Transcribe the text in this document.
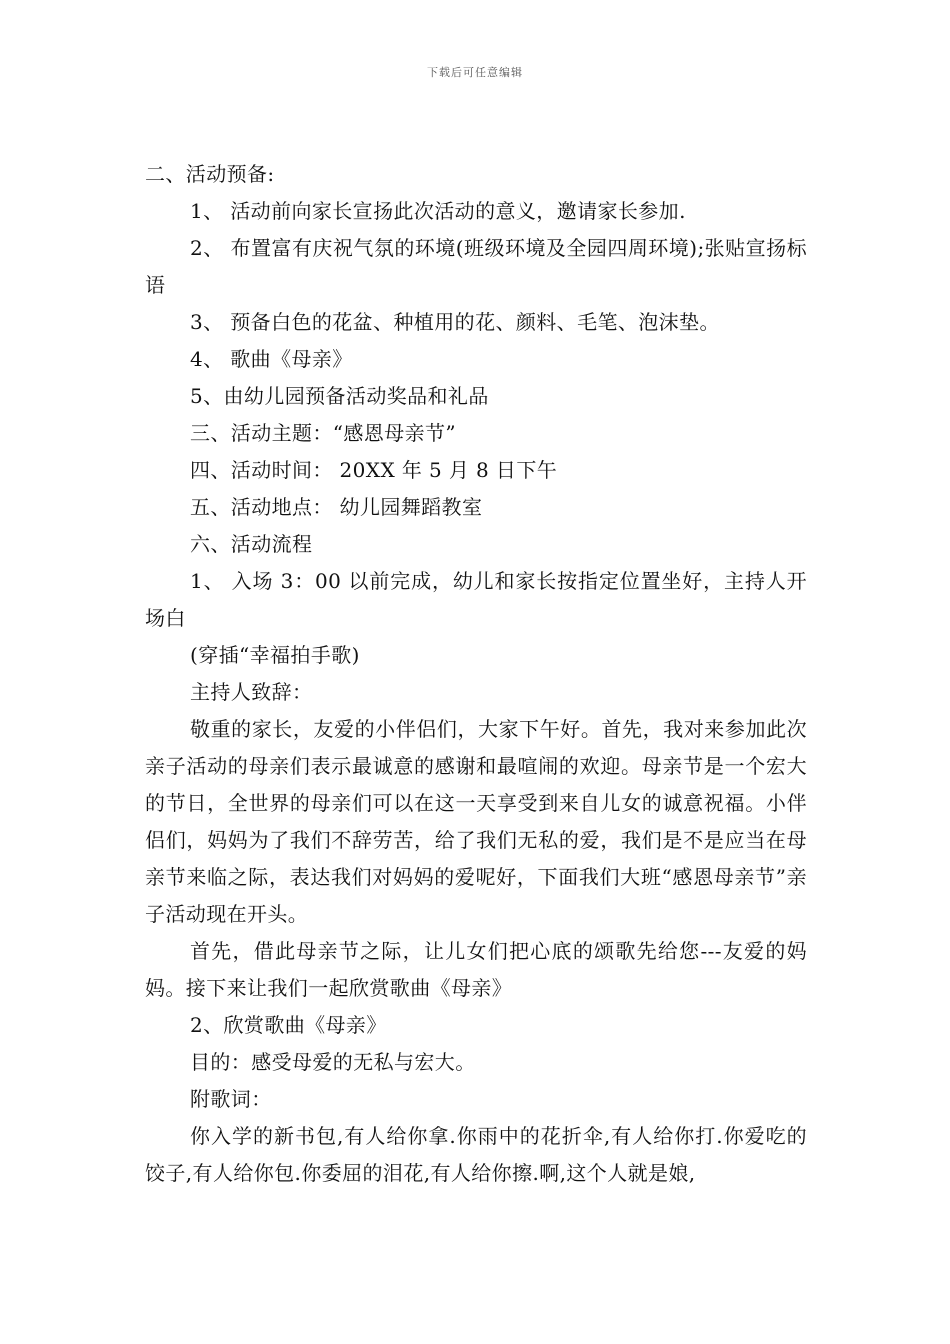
下载后可任意编辑

二、活动预备:

1、 活动前向家长宣扬此次活动的意义，邀请家长参加.

2、 布置富有庆祝气氛的环境(班级环境及全园四周环境);张贴宣扬标语

3、 预备白色的花盆、种植用的花、颜料、毛笔、泡沫垫。

4、 歌曲《母亲》

5、由幼儿园预备活动奖品和礼品

三、活动主题：“感恩母亲节”

四、活动时间： 20XX 年 5 月 8 日下午

五、活动地点： 幼儿园舞蹈教室

六、活动流程

1、 入场 3：00 以前完成，幼儿和家长按指定位置坐好，主持人开场白

(穿插“幸福拍手歌)

主持人致辞：

敬重的家长，友爱的小伴侣们，大家下午好。首先，我对来参加此次亲子活动的母亲们表示最诚意的感谢和最喧闹的欢迎。母亲节是一个宏大的节日，全世界的母亲们可以在这一天享受到来自儿女的诚意祝福。小伴侣们，妈妈为了我们不辞劳苦，给了我们无私的爱，我们是不是应当在母亲节来临之际，表达我们对妈妈的爱呢好，下面我们大班“感恩母亲节”亲子活动现在开头。

首先，借此母亲节之际，让儿女们把心底的颂歌先给您---友爱的妈妈。接下来让我们一起欣赏歌曲《母亲》

2、欣赏歌曲《母亲》

目的：感受母爱的无私与宏大。

附歌词：

你入学的新书包,有人给你拿.你雨中的花折伞,有人给你打.你爱吃的饺子,有人给你包.你委屈的泪花,有人给你擦.啊,这个人就是娘,
